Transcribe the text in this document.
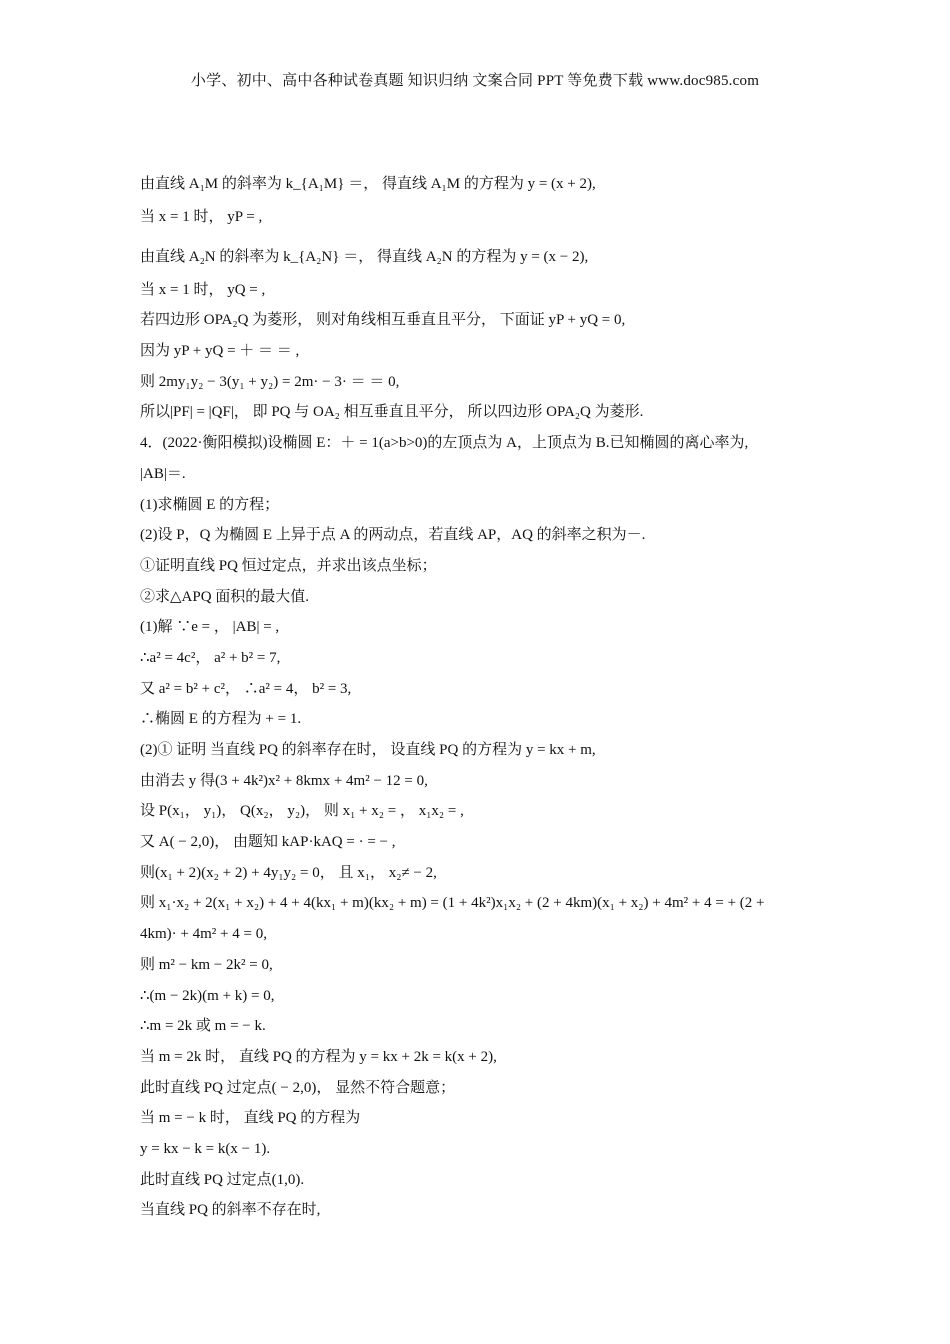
小学、初中、高中各种试卷真题 知识归纳 文案合同 PPT 等免费下载 www.doc985.com
由直线 A₁M 的斜率为 k_{A₁M} ＝， 得直线 A₁M 的方程为 y = (x + 2),
当 x = 1 时， yP = ,
由直线 A₂N 的斜率为 k_{A₂N} ＝， 得直线 A₂N 的方程为 y = (x − 2),
当 x = 1 时， yQ = ,
若四边形 OPA₂Q 为菱形， 则对角线相互垂直且平分， 下面证 yP + yQ = 0,
因为 yP + yQ = ＋ ＝ ＝ ,
则 2my₁y₂ − 3(y₁ + y₂) = 2m· − 3· ＝ ＝ 0,
所以|PF| = |QF|， 即 PQ 与 OA₂ 相互垂直且平分， 所以四边形 OPA₂Q 为菱形.
4．(2022·衡阳模拟)设椭圆 E：＋ = 1(a>b>0)的左顶点为 A，上顶点为 B.已知椭圆的离心率为,
|AB|＝.
(1)求椭圆 E 的方程；
(2)设 P，Q 为椭圆 E 上异于点 A 的两动点，若直线 AP，AQ 的斜率之积为－.
①证明直线 PQ 恒过定点，并求出该点坐标；
②求△APQ 面积的最大值.
(1)解 ∵e = ， |AB| = ,
∴a² = 4c²， a² + b² = 7,
又 a² = b² + c²， ∴a² = 4， b² = 3,
∴椭圆 E 的方程为 + = 1.
(2)① 证明 当直线 PQ 的斜率存在时， 设直线 PQ 的方程为 y = kx + m,
由消去 y 得(3 + 4k²)x² + 8kmx + 4m² − 12 = 0,
设 P(x₁， y₁)， Q(x₂， y₂)， 则 x₁ + x₂ = ， x₁x₂ = ,
又 A( − 2,0)， 由题知 kAP·kAQ = · = − ,
则(x₁ + 2)(x₂ + 2) + 4y₁y₂ = 0， 且 x₁， x₂≠ − 2,
则 x₁·x₂ + 2(x₁ + x₂) + 4 + 4(kx₁ + m)(kx₂ + m) = (1 + 4k²)x₁x₂ + (2 + 4km)(x₁ + x₂) + 4m² + 4 = + (2 +
4km)· + 4m² + 4 = 0,
则 m² − km − 2k² = 0,
∴(m − 2k)(m + k) = 0,
∴m = 2k 或 m = − k.
当 m = 2k 时， 直线 PQ 的方程为 y = kx + 2k = k(x + 2),
此时直线 PQ 过定点( − 2,0)， 显然不符合题意；
当 m = − k 时， 直线 PQ 的方程为
y = kx − k = k(x − 1).
此时直线 PQ 过定点(1,0).
当直线 PQ 的斜率不存在时,
